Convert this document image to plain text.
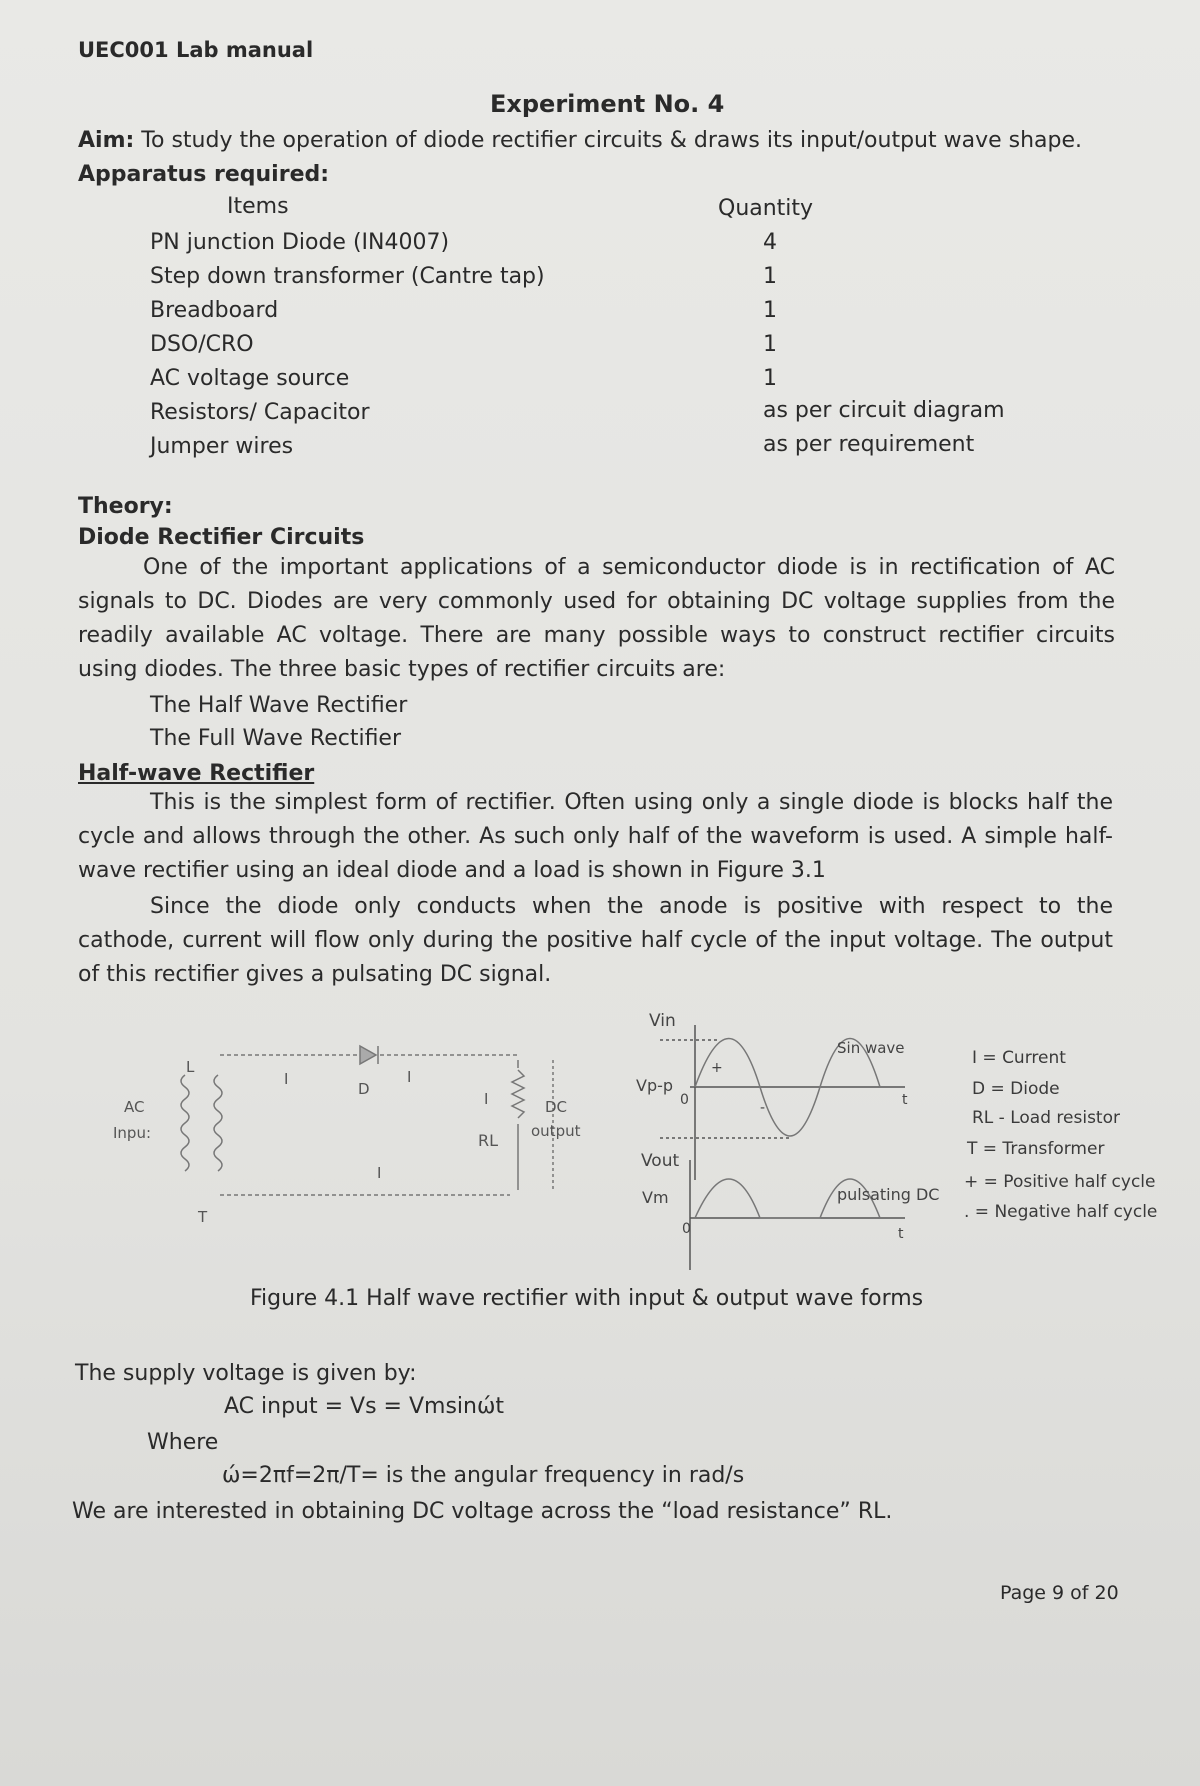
UEC001 Lab manual
Experiment No. 4
Aim: To study the operation of diode rectifier circuits & draws its input/output wave shape.
Apparatus required:
Items	Quantity
PN junction Diode (IN4007)	4
Step down transformer (Cantre tap)	1
Breadboard	1
DSO/CRO	1
AC voltage source	1
Resistors/ Capacitor	as per circuit diagram
Jumper wires	as per requirement
Theory:
Diode Rectifier Circuits
One of the important applications of a semiconductor diode is in rectification of AC
signals to DC. Diodes are very commonly used for obtaining DC voltage supplies from the
readily available AC voltage. There are many possible ways to construct rectifier circuits
using diodes. The three basic types of rectifier circuits are:
The Half Wave Rectifier
The Full Wave Rectifier
Half-wave Rectifier
This is the simplest form of rectifier. Often using only a single diode is blocks half the
cycle and allows through the other. As such only half of the waveform is used. A simple half-
wave rectifier using an ideal diode and a load is shown in Figure 3.1
Since the diode only conducts when the anode is positive with respect to the
cathode, current will flow only during the positive half cycle of the input voltage. The output
of this rectifier gives a pulsating DC signal.
AC
Inpu:
L
T
D
I	I
I
I
RL
DC
output
Vin
Vp-p
0	t
Sin wave
+
-
Vout
Vm
0	t
pulsating DC
I = Current
D = Diode
RL - Load resistor
T = Transformer
+ = Positive half cycle
. = Negative half cycle
Figure 4.1 Half wave rectifier with input & output wave forms
The supply voltage is given by:
AC input = Vs = Vmsinώt
Where
ώ=2πf=2π/T= is the angular frequency in rad/s
We are interested in obtaining DC voltage across the “load resistance” RL.
Page 9 of 20
